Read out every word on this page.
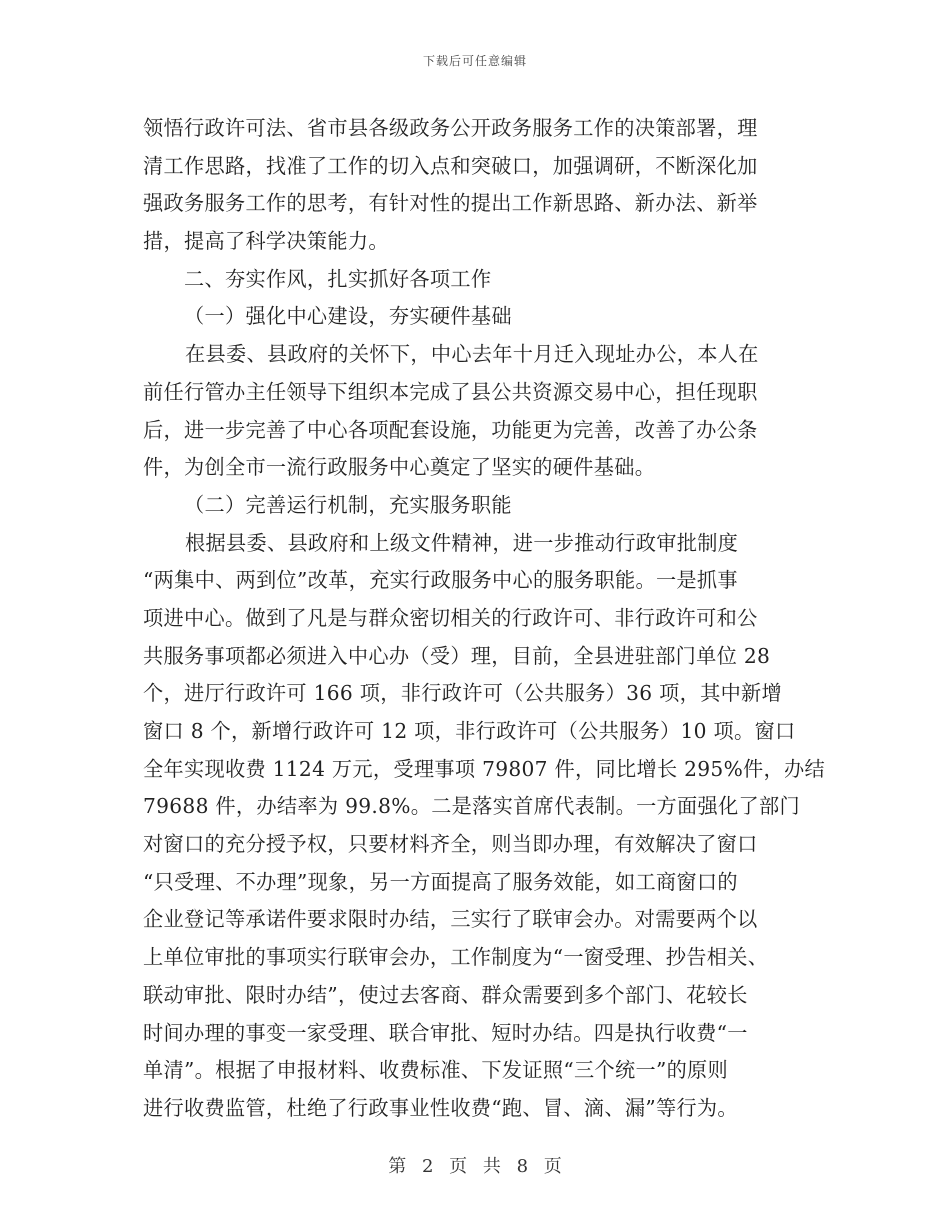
下载后可任意编辑
领悟行政许可法、省市县各级政务公开政务服务工作的决策部署，理
清工作思路，找准了工作的切入点和突破口，加强调研，不断深化加
强政务服务工作的思考，有针对性的提出工作新思路、新办法、新举
措，提高了科学决策能力。
二、夯实作风，扎实抓好各项工作
（一）强化中心建设，夯实硬件基础
在县委、县政府的关怀下，中心去年十月迁入现址办公，本人在
前任行管办主任领导下组织本完成了县公共资源交易中心，担任现职
后，进一步完善了中心各项配套设施，功能更为完善，改善了办公条
件，为创全市一流行政服务中心奠定了坚实的硬件基础。
（二）完善运行机制，充实服务职能
根据县委、县政府和上级文件精神，进一步推动行政审批制度
“两集中、两到位”改革，充实行政服务中心的服务职能。一是抓事
项进中心。做到了凡是与群众密切相关的行政许可、非行政许可和公
共服务事项都必须进入中心办（受）理，目前，全县进驻部门单位 28
个，进厅行政许可 166 项，非行政许可（公共服务）36 项，其中新增
窗口 8 个，新增行政许可 12 项，非行政许可（公共服务）10 项。窗口
全年实现收费 1124 万元，受理事项 79807 件，同比增长 295%件，办结
79688 件，办结率为 99.8%。二是落实首席代表制。一方面强化了部门
对窗口的充分授予权，只要材料齐全，则当即办理，有效解决了窗口
“只受理、不办理”现象，另一方面提高了服务效能，如工商窗口的
企业登记等承诺件要求限时办结，三实行了联审会办。对需要两个以
上单位审批的事项实行联审会办，工作制度为“一窗受理、抄告相关、
联动审批、限时办结”，使过去客商、群众需要到多个部门、花较长
时间办理的事变一家受理、联合审批、短时办结。四是执行收费“一
单清”。根据了申报材料、收费标准、下发证照“三个统一”的原则
进行收费监管，杜绝了行政事业性收费“跑、冒、滴、漏”等行为。
第 2 页 共 8 页
